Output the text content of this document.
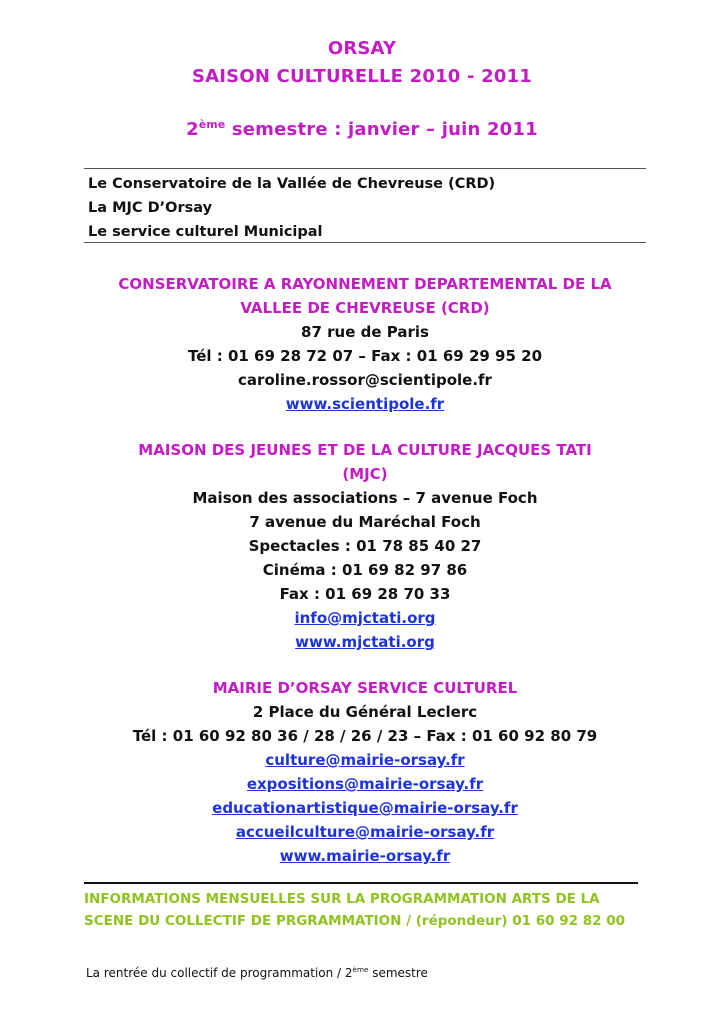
ORSAY
SAISON CULTURELLE 2010 - 2011
2ème semestre : janvier – juin 2011
Le Conservatoire de la Vallée de Chevreuse (CRD)
La MJC D’Orsay
Le service culturel Municipal
CONSERVATOIRE A RAYONNEMENT DEPARTEMENTAL DE LA
VALLEE DE CHEVREUSE (CRD)
87 rue de Paris
Tél : 01 69 28 72 07 – Fax : 01 69 29 95 20
caroline.rossor@scientipole.fr
www.scientipole.fr
MAISON DES JEUNES ET DE LA CULTURE JACQUES TATI
(MJC)
Maison des associations – 7 avenue Foch
7 avenue du Maréchal Foch
Spectacles : 01 78 85 40 27
Cinéma : 01 69 82 97 86
Fax : 01 69 28 70 33
info@mjctati.org
www.mjctati.org
MAIRIE D’ORSAY SERVICE CULTUREL
2 Place du Général Leclerc
Tél : 01 60 92 80 36 / 28 / 26 / 23 – Fax : 01 60 92 80 79
culture@mairie-orsay.fr
expositions@mairie-orsay.fr
educationartistique@mairie-orsay.fr
accueilculture@mairie-orsay.fr
www.mairie-orsay.fr
INFORMATIONS MENSUELLES SUR LA PROGRAMMATION ARTS DE LA
SCENE DU COLLECTIF DE PRGRAMMATION / (répondeur) 01 60 92 82 00
La rentrée du collectif de programmation / 2ème semestre
